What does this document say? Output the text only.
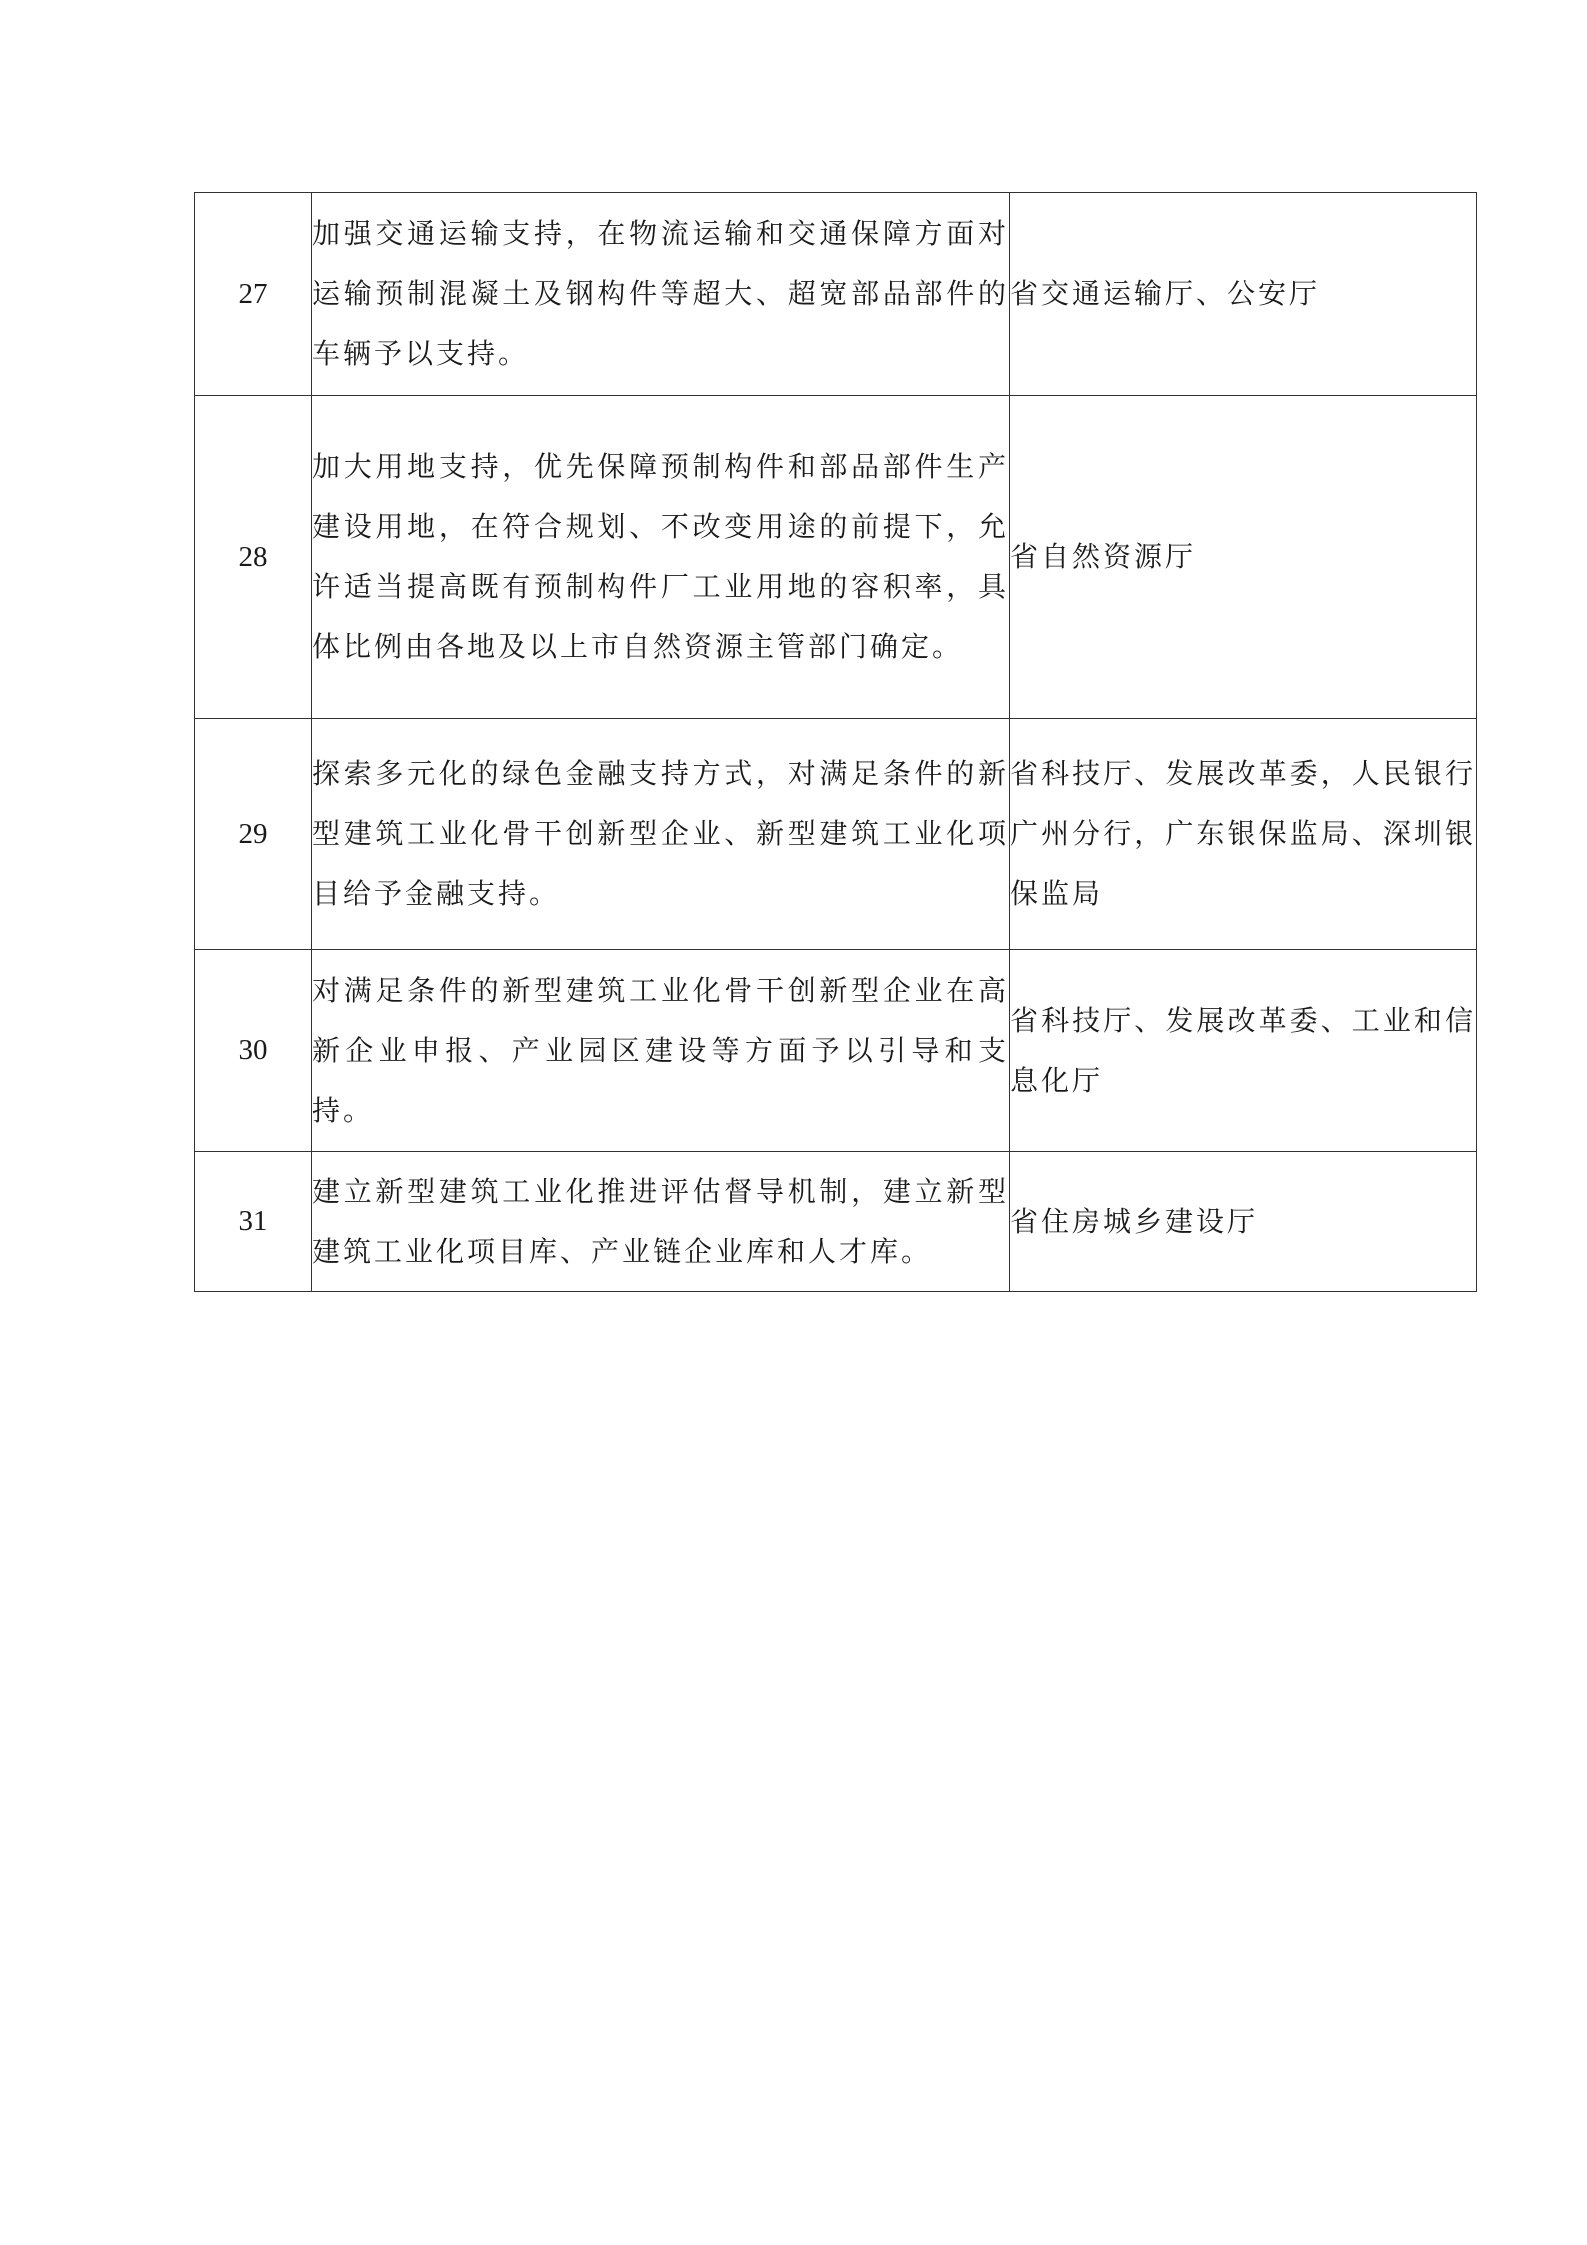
27	加强交通运输支持，在物流运输和交通保障方面对运输预制混凝土及钢构件等超大、超宽部品部件的车辆予以支持。	省交通运输厅、公安厅
28	加大用地支持，优先保障预制构件和部品部件生产建设用地，在符合规划、不改变用途的前提下，允许适当提高既有预制构件厂工业用地的容积率，具体比例由各地及以上市自然资源主管部门确定。	省自然资源厅
29	探索多元化的绿色金融支持方式，对满足条件的新型建筑工业化骨干创新型企业、新型建筑工业化项目给予金融支持。	省科技厅、发展改革委，人民银行广州分行，广东银保监局、深圳银保监局
30	对满足条件的新型建筑工业化骨干创新型企业在高新企业申报、产业园区建设等方面予以引导和支持。	省科技厅、发展改革委、工业和信息化厅
31	建立新型建筑工业化推进评估督导机制，建立新型建筑工业化项目库、产业链企业库和人才库。	省住房城乡建设厅
